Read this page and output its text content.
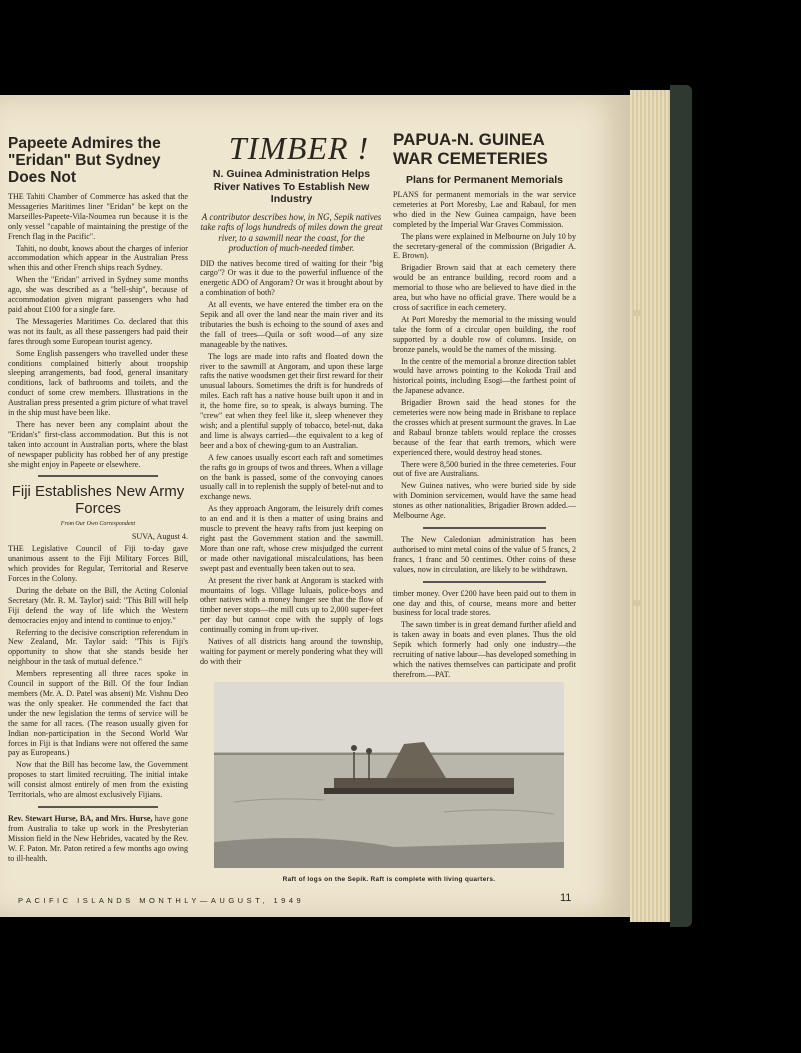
Papeete Admires the "Eridan" But Sydney Does Not

THE Tahiti Chamber of Commerce has asked that the Messageries Maritimes liner "Eridan" be kept on the Marseilles-Papeete-Vila-Noumea run because it is the only vessel "capable of maintaining the prestige of the French flag in the Pacific".

Tahiti, no doubt, knows about the charges of inferior accommodation which appear in the Australian Press when this and other French ships reach Sydney.

When the "Eridan" arrived in Sydney some months ago, she was described as a "hell-ship", because of accommodation given migrant passengers who had paid about £100 for a single fare.

The Messageries Maritimes Co. declared that this was not its fault, as all these passengers had paid their fares through some European tourist agency.

Some English passengers who travelled under these conditions complained bitterly about troopship sleeping arrangements, bad food, general insanitary conditions, lack of bathrooms and toilets, and the conduct of some crew members. Illustrations in the Australian press presented a grim picture of what travel in the ship must have been like.

There has never been any complaint about the "Eridan's" first-class accommodation. But this is not taken into account in Australian ports, where the blast of newspaper publicity has robbed her of any prestige she might enjoy in Papeete or elsewhere.

Fiji Establishes New Army Forces
From Our Own Correspondent
SUVA, August 4.

THE Legislative Council of Fiji to-day gave unanimous assent to the Fiji Military Forces Bill, which provides for Regular, Territorial and Reserve Forces in the Colony.

During the debate on the Bill, the Acting Colonial Secretary (Mr. R. M. Taylor) said: "This Bill will help Fiji defend the way of life which the Western democracies enjoy and intend to continue to enjoy."

Referring to the decisive conscription referendum in New Zealand, Mr. Taylor said: "This is Fiji's opportunity to show that she stands beside her neighbour in the task of mutual defence."

Members representing all three races spoke in Council in support of the Bill. Of the four Indian members (Mr. A. D. Patel was absent) Mr. Vishnu Deo was the only speaker. He commended the fact that under the new legislation the terms of service will be the same for all races. (The reason usually given for Indian non-participation in the Second World War forces in Fiji is that Indians were not offered the same pay as Europeans.)

Now that the Bill has become law, the Government proposes to start limited recruiting. The initial intake will consist almost entirely of men from the existing Territorials, who are almost exclusively Fijians.

Rev. Stewart Hurse, BA, and Mrs. Hurse, have gone from Australia to take up work in the Presbyterian Mission field in the New Hebrides, vacated by the Rev. W. F. Paton. Mr. Paton retired a few months ago owing to ill-health.

TIMBER !
N. Guinea Administration Helps River Natives To Establish New Industry

A contributor describes how, in NG, Sepik natives take rafts of logs hundreds of miles down the great river, to a sawmill near the coast, for the production of much-needed timber.

DID the natives become tired of waiting for their "big cargo"? Or was it due to the powerful influence of the energetic ADO of Angoram? Or was it brought about by a combination of both?

At all events, we have entered the timber era on the Sepik and all over the land near the main river and its tributaries the bush is echoing to the sound of axes and the fall of trees—Quila or soft wood—of any size manageable by the natives.

The logs are made into rafts and floated down the river to the sawmill at Angoram, and upon these large rafts the native woodsmen get their first reward for their unusual labours. Sometimes the drift is for hundreds of miles. Each raft has a native house built upon it and in it, the home fire, so to speak, is always burning. The "crew" eat when they feel like it, sleep whenever they wish; and a plentiful supply of tobacco, betel-nut, daka and lime is always carried—the equivalent to a keg of beer and a box of chewing-gum to an Australian.

A few canoes usually escort each raft and sometimes the rafts go in groups of twos and threes. When a village on the bank is passed, some of the convoying canoes usually call in to replenish the supply of betel-nut and to exchange news.

As they approach Angoram, the leisurely drift comes to an end and it is then a matter of using brains and muscle to prevent the heavy rafts from just keeping on right past the Government station and the sawmill. More than one raft, whose crew misjudged the current or made other navigational miscalculations, has been swept past and eventually been taken out to sea.

At present the river bank at Angoram is stacked with mountains of logs. Village luluais, police-boys and other natives with a money hunger see that the flow of timber never stops—the mill cuts up to 2,000 super-feet per day but cannot cope with the supply of logs continually coming in from up-river.

Natives of all districts hang around the township, waiting for payment or merely pondering what they will do with their

PAPUA-N. GUINEA WAR CEMETERIES
Plans for Permanent Memorials

PLANS for permanent memorials in the war service cemeteries at Port Moresby, Lae and Rabaul, for men who died in the New Guinea campaign, have been completed by the Imperial War Graves Commission.

The plans were explained in Melbourne on July 10 by the secretary-general of the commission (Brigadier A. E. Brown).

Brigadier Brown said that at each cemetery there would be an entrance building, record room and a memorial to those who are believed to have died in the area, but who have no official grave. There would be a cross of sacrifice in each cemetery.

At Port Moresby the memorial to the missing would take the form of a circular open building, the roof supported by a double row of columns. Inside, on bronze panels, would be the names of the missing.

In the centre of the memorial a bronze direction tablet would have arrows pointing to the Kokoda Trail and historical points, including Esogi—the farthest point of the Japanese advance.

Brigadier Brown said the head stones for the cemeteries were now being made in Brisbane to replace the crosses which at present surmount the graves. In Lae and Rabaul bronze tablets would replace the crosses because of the fear that earth tremors, which were experienced there, would destroy head stones.

There were 8,500 buried in the three cemeteries. Four out of five are Australians.

New Guinea natives, who were buried side by side with Dominion servicemen, would have the same head stones as other nationalities, Brigadier Brown added.—Melbourne Age.

The New Caledonian administration has been authorised to mint metal coins of the value of 5 francs, 2 francs, 1 franc and 50 centimes. Other coins of these values, now in circulation, are likely to be withdrawn.

timber money. Over £200 have been paid out to them in one day and this, of course, means more and better business for local trade stores.

The sawn timber is in great demand further afield and is taken away in boats and even planes. Thus the old Sepik which formerly had only one industry—the recruiting of native labour—has developed something in which the natives themselves can participate and profit therefrom.—PAT.

Raft of logs on the Sepik. Raft is complete with living quarters.
PACIFIC ISLANDS MONTHLY—AUGUST, 1949	11
